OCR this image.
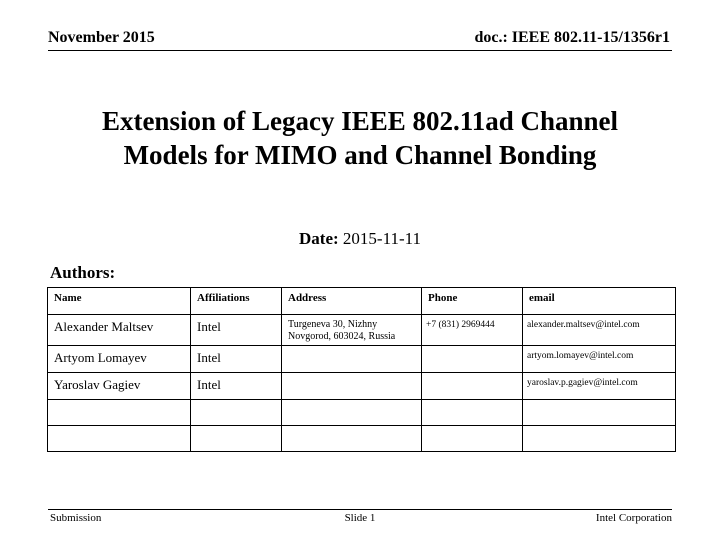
November 2015	doc.: IEEE 802.11-15/1356r1
Extension of Legacy IEEE 802.11ad Channel
Models for MIMO and Channel Bonding
Date: 2015-11-11
Authors:
Name	Affiliations	Address	Phone	email
Alexander Maltsev	Intel	Turgeneva 30, Nizhny Novgorod, 603024, Russia	+7 (831) 2969444	alexander.maltsev@intel.com
Artyom Lomayev	Intel			artyom.lomayev@intel.com
Yaroslav Gagiev	Intel			yaroslav.p.gagiev@intel.com

Submission	Slide 1	Intel Corporation
